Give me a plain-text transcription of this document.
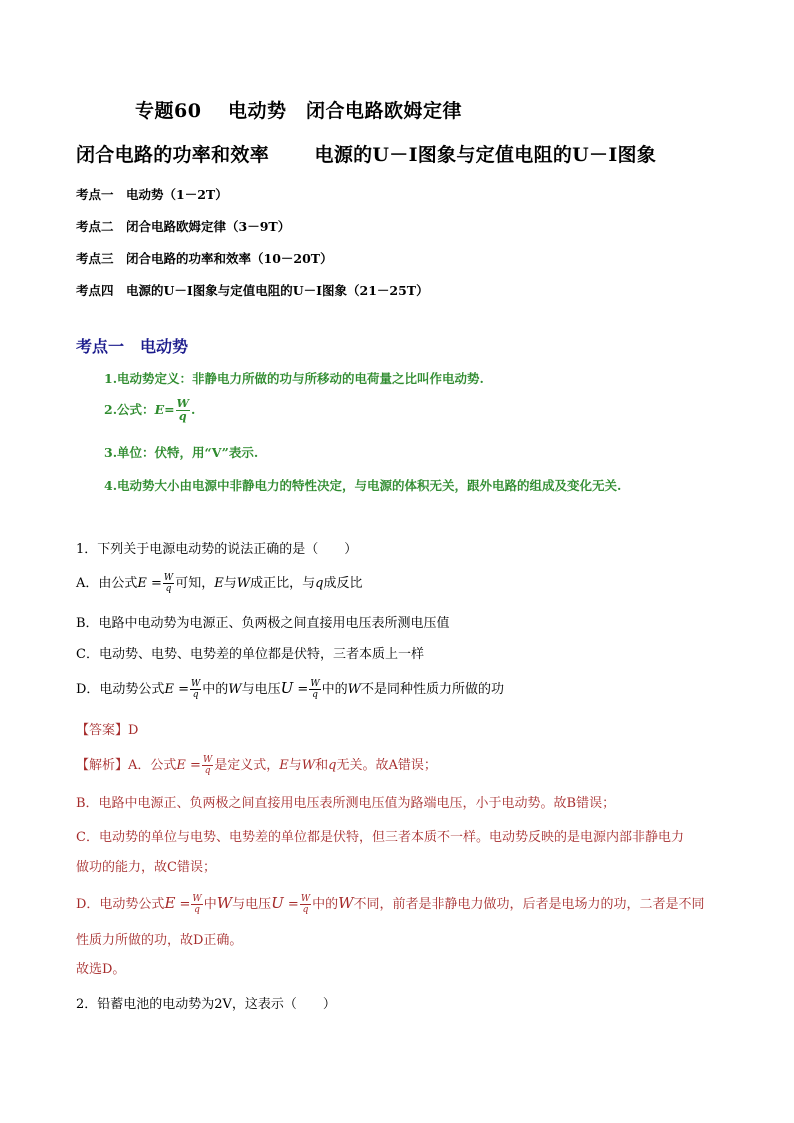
专题60　 电动势　闭合电路欧姆定律
闭合电路的功率和效率　　 电源的U－I图象与定值电阻的U－I图象
考点一　电动势（1－2T）
考点二　闭合电路欧姆定律（3－9T）
考点三　闭合电路的功率和效率（10－20T）
考点四　电源的U－I图象与定值电阻的U－I图象（21－25T）
考点一　电动势
1.电动势定义：非静电力所做的功与所移动的电荷量之比叫作电动势.
2.公式：$E= \frac{W}{q}$ .
3.单位：伏特，用“V”表示.
4.电动势大小由电源中非静电力的特性决定，与电源的体积无关，跟外电路的组成及变化无关.
1．下列关于电源电动势的说法正确的是（　　）
A．由公式$E = \frac{W}{q}$ 可知，E与W成正比，与q成反比
B．电路中电动势为电源正、负两极之间直接用电压表所测电压值
C．电动势、电势、电势差的单位都是伏特，三者本质上一样
D．电动势公式$E = \frac{W}{q}$ 中的W与电压$U = \frac{W}{q}$ 中的W不是同种性质力所做的功
【答案】D
【解析】A．公式$E = \frac{W}{q}$ 是定义式，E与W和q无关。故A错误；
B．电路中电源正、负两极之间直接用电压表所测电压值为路端电压，小于电动势。故B错误；
C．电动势的单位与电势、电势差的单位都是伏特，但三者本质不一样。电动势反映的是电源内部非静电力
做功的能力，故C错误；
D．电动势公式$E = \frac{W}{q}$ 中W与电压$U = \frac{W}{q}$ 中的W不同，前者是非静电力做功，后者是电场力的功，二者是不同
性质力所做的功，故D正确。
故选D。
2．铅蓄电池的电动势为2V，这表示（　　）
